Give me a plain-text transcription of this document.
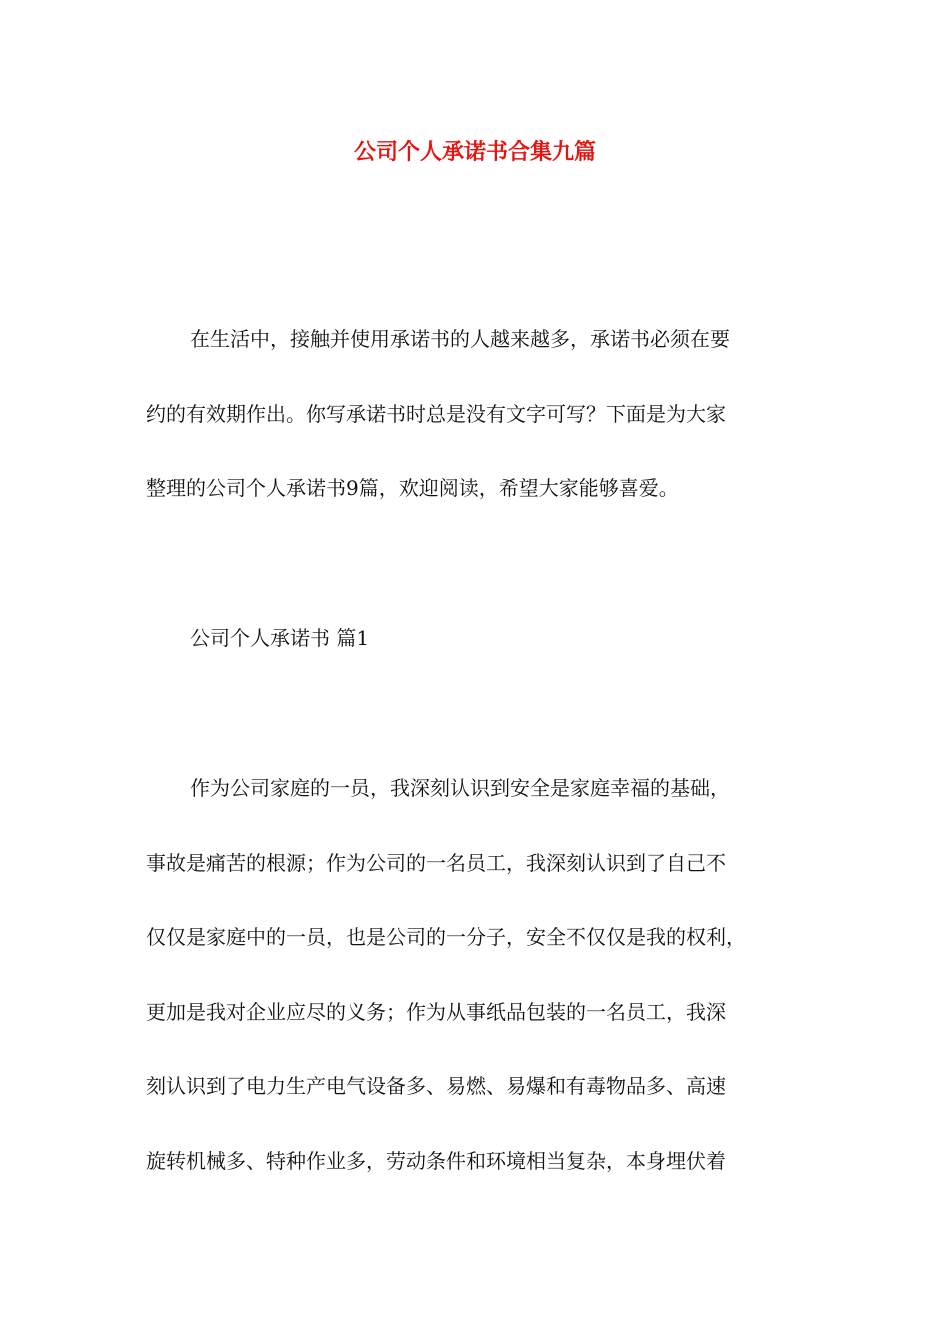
公司个人承诺书合集九篇
在生活中，接触并使用承诺书的人越来越多，承诺书必须在要
约的有效期作出。你写承诺书时总是没有文字可写？下面是为大家
整理的公司个人承诺书9篇，欢迎阅读，希望大家能够喜爱。
公司个人承诺书 篇1
作为公司家庭的一员，我深刻认识到安全是家庭幸福的基础，
事故是痛苦的根源；作为公司的一名员工，我深刻认识到了自己不
仅仅是家庭中的一员，也是公司的一分子，安全不仅仅是我的权利，
更加是我对企业应尽的义务；作为从事纸品包装的一名员工，我深
刻认识到了电力生产电气设备多、易燃、易爆和有毒物品多、高速
旋转机械多、特种作业多，劳动条件和环境相当复杂，本身埋伏着
